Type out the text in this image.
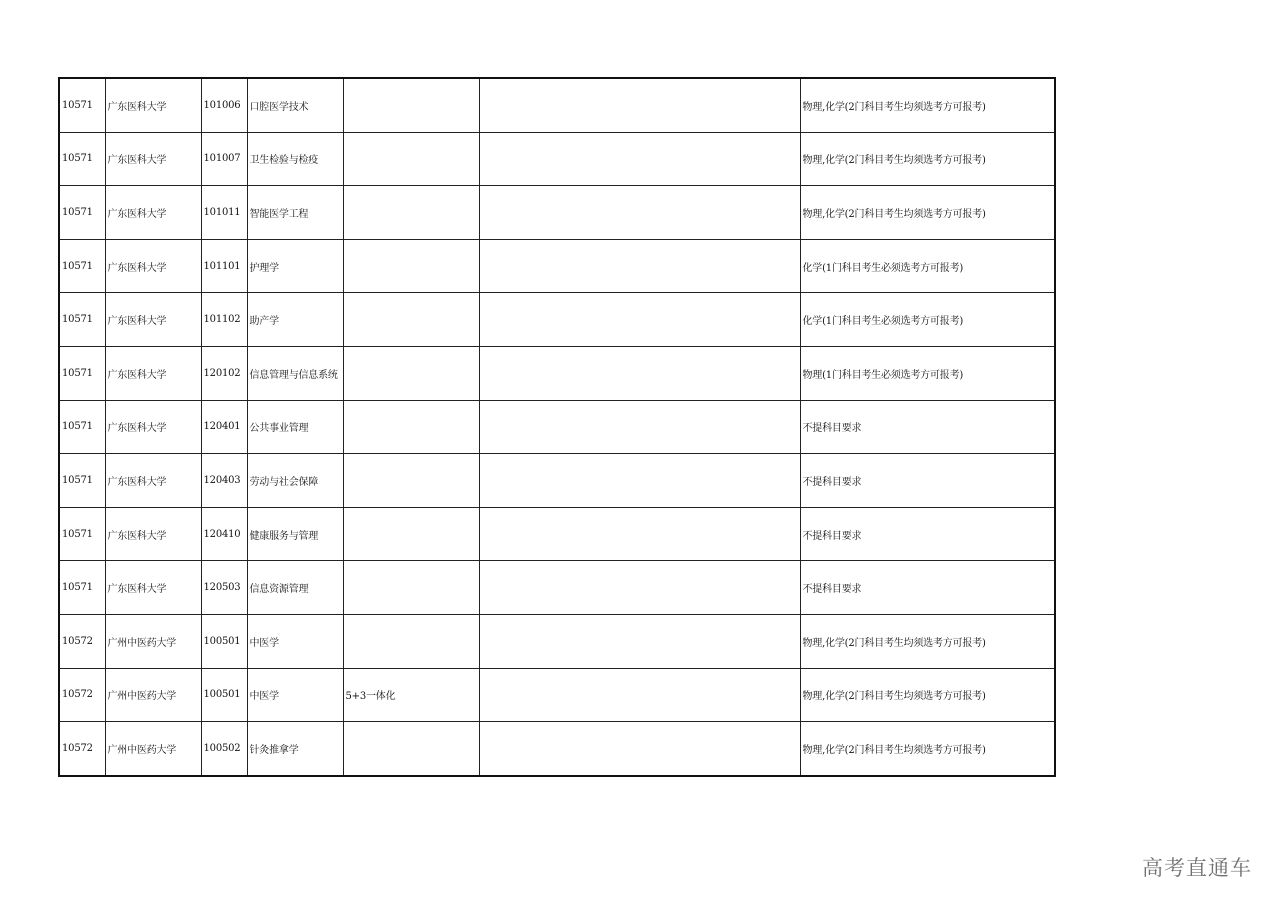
10571	广东医科大学	101006	口腔医学技术			物理,化学(2门科目考生均须选考方可报考)
10571	广东医科大学	101007	卫生检验与检疫			物理,化学(2门科目考生均须选考方可报考)
10571	广东医科大学	101011	智能医学工程			物理,化学(2门科目考生均须选考方可报考)
10571	广东医科大学	101101	护理学			化学(1门科目考生必须选考方可报考)
10571	广东医科大学	101102	助产学			化学(1门科目考生必须选考方可报考)
10571	广东医科大学	120102	信息管理与信息系统			物理(1门科目考生必须选考方可报考)
10571	广东医科大学	120401	公共事业管理			不提科目要求
10571	广东医科大学	120403	劳动与社会保障			不提科目要求
10571	广东医科大学	120410	健康服务与管理			不提科目要求
10571	广东医科大学	120503	信息资源管理			不提科目要求
10572	广州中医药大学	100501	中医学			物理,化学(2门科目考生均须选考方可报考)
10572	广州中医药大学	100501	中医学	5+3一体化		物理,化学(2门科目考生均须选考方可报考)
10572	广州中医药大学	100502	针灸推拿学			物理,化学(2门科目考生均须选考方可报考)
高考直通车
